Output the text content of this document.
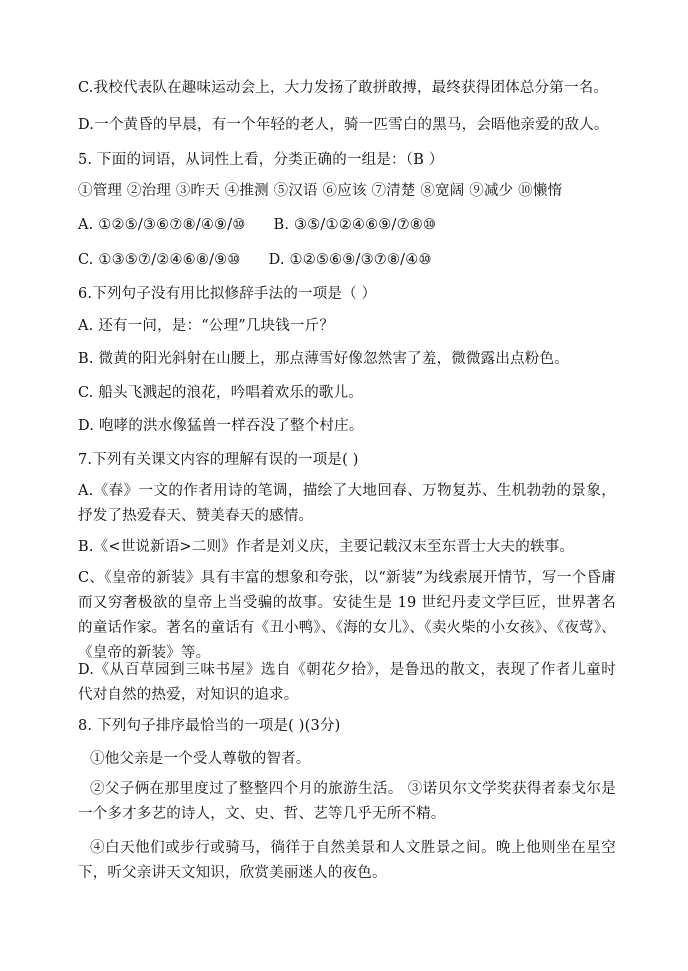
C.我校代表队在趣味运动会上，大力发扬了敢拼敢搏，最终获得团体总分第一名。
D.一个黄昏的早晨，有一个年轻的老人，骑一匹雪白的黑马，会晤他亲爱的敌人。
5. 下面的词语，从词性上看，分类正确的一组是：（B ）
①管理 ②治理 ③昨天 ④推测 ⑤汉语 ⑥应该 ⑦清楚 ⑧宽阔 ⑨减少 ⑩懒惰
A. ①②⑤/③⑥⑦⑧/④⑨/⑩ B. ③⑤/①②④⑥⑨/⑦⑧⑩
C. ①③⑤⑦/②④⑥⑧/⑨⑩ D. ①②⑤⑥⑨/③⑦⑧/④⑩
6.下列句子没有用比拟修辞手法的一项是（ ）
A. 还有一问，是：“公理”几块钱一斤？
B. 微黄的阳光斜射在山腰上，那点薄雪好像忽然害了羞，微微露出点粉色。
C. 船头飞溅起的浪花，吟唱着欢乐的歌儿。
D. 咆哮的洪水像猛兽一样吞没了整个村庄。
7.下列有关课文内容的理解有误的一项是( )
A.《春》一文的作者用诗的笔调，描绘了大地回春、万物复苏、生机勃勃的景象， 抒发了热爱春天、赞美春天的感情。
B.《<世说新语>二则》作者是刘义庆，主要记载汉末至东晋士大夫的轶事。
C、《皇帝的新装》具有丰富的想象和夸张，以“新装”为线索展开情节，写一个昏庸而又穷奢极欲的皇帝上当受骗的故事。安徒生是 19 世纪丹麦文学巨匠，世界著名的童话作家。著名的童话有《丑小鸭》、《海的女儿》、《卖火柴的小女孩》、《夜莺》、《皇帝的新装》等。
D.《从百草园到三味书屋》选自《朝花夕拾》，是鲁迅的散文，表现了作者儿童时代对自然的热爱，对知识的追求。
8. 下列句子排序最恰当的一项是( )(3分)
①他父亲是一个受人尊敬的智者。
②父子俩在那里度过了整整四个月的旅游生活。 ③诺贝尔文学奖获得者泰戈尔是一个多才多艺的诗人，文、史、哲、艺等几乎无所不精。
④白天他们或步行或骑马，徜徉于自然美景和人文胜景之间。晚上他则坐在星空下，听父亲讲天文知识，欣赏美丽迷人的夜色。
